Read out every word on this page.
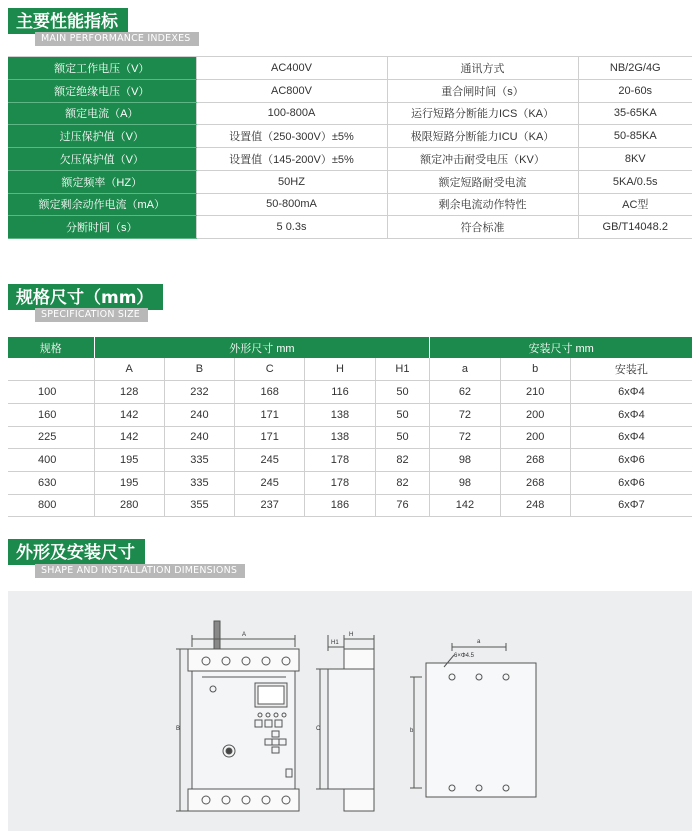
主要性能指标
MAIN PERFORMANCE INDEXES
额定工作电压（V）	AC400V	通讯方式	NB/2G/4G
额定绝缘电压（V）	AC800V	重合闸时间（s）	20-60s
额定电流（A）	100-800A	运行短路分断能力ICS（KA）	35-65KA
过压保护值（V）	设置值（250-300V）±5%	极限短路分断能力ICU（KA）	50-85KA
欠压保护值（V）	设置值（145-200V）±5%	额定冲击耐受电压（KV）	8KV
额定频率（HZ）	50HZ	额定短路耐受电流	5KA/0.5s
额定剩余动作电流（mA）	50-800mA	剩余电流动作特性	AC型
分断时间（s）	5 0.3s	符合标准	GB/T14048.2
规格尺寸（mm）
SPECIFICATION SIZE
规格	外形尺寸 mm					安装尺寸 mm		
	A	B	C	H	H1	a	b	安装孔
100	128	232	168	116	50	62	210	6xΦ4
160	142	240	171	138	50	72	200	6xΦ4
225	142	240	171	138	50	72	200	6xΦ4
400	195	335	245	178	82	98	268	6xΦ6
630	195	335	245	178	82	98	268	6xΦ6
800	280	355	237	186	76	142	248	6xΦ7
外形及安装尺寸
SHAPE AND INSTALLATION DIMENSIONS
A
B	C
H
H1	a
b
6×Φ4.5
